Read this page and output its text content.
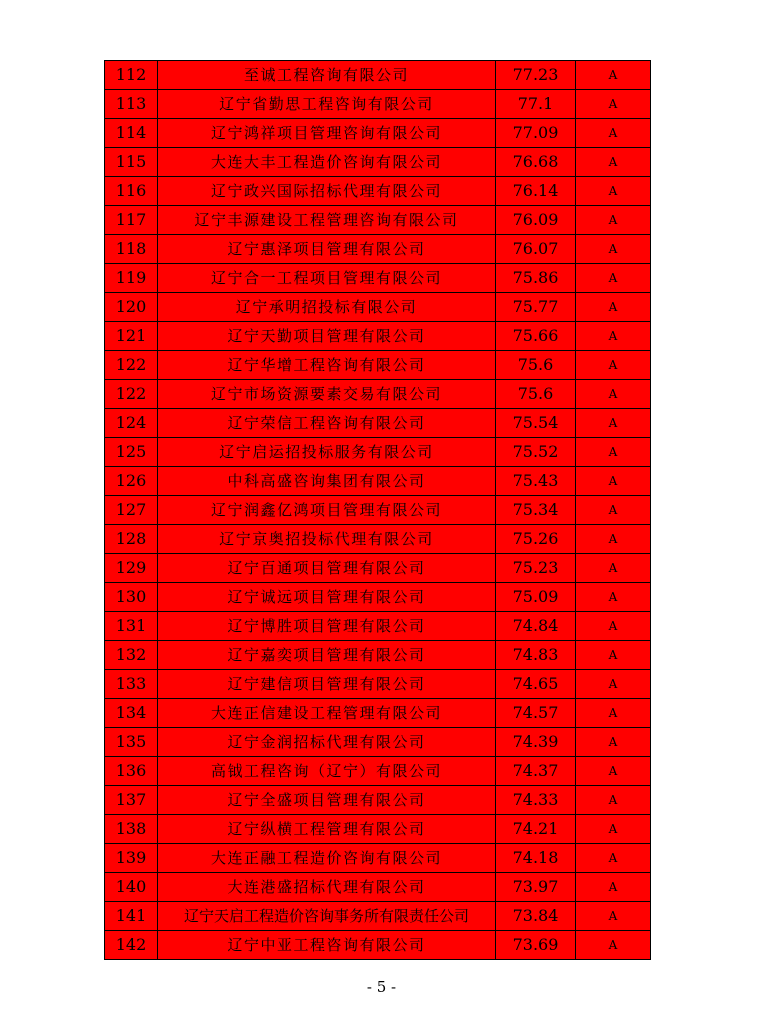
112	至诚工程咨询有限公司	77.23	A
113	辽宁省勤思工程咨询有限公司	77.1	A
114	辽宁鸿祥项目管理咨询有限公司	77.09	A
115	大连大丰工程造价咨询有限公司	76.68	A
116	辽宁政兴国际招标代理有限公司	76.14	A
117	辽宁丰源建设工程管理咨询有限公司	76.09	A
118	辽宁惠泽项目管理有限公司	76.07	A
119	辽宁合一工程项目管理有限公司	75.86	A
120	辽宁承明招投标有限公司	75.77	A
121	辽宁天勤项目管理有限公司	75.66	A
122	辽宁华增工程咨询有限公司	75.6	A
122	辽宁市场资源要素交易有限公司	75.6	A
124	辽宁荣信工程咨询有限公司	75.54	A
125	辽宁启运招投标服务有限公司	75.52	A
126	中科高盛咨询集团有限公司	75.43	A
127	辽宁润鑫亿鸿项目管理有限公司	75.34	A
128	辽宁京奥招投标代理有限公司	75.26	A
129	辽宁百通项目管理有限公司	75.23	A
130	辽宁诚远项目管理有限公司	75.09	A
131	辽宁博胜项目管理有限公司	74.84	A
132	辽宁嘉奕项目管理有限公司	74.83	A
133	辽宁建信项目管理有限公司	74.65	A
134	大连正信建设工程管理有限公司	74.57	A
135	辽宁金润招标代理有限公司	74.39	A
136	高钺工程咨询（辽宁）有限公司	74.37	A
137	辽宁全盛项目管理有限公司	74.33	A
138	辽宁纵横工程管理有限公司	74.21	A
139	大连正融工程造价咨询有限公司	74.18	A
140	大连港盛招标代理有限公司	73.97	A
141	辽宁天启工程造价咨询事务所有限责任公司	73.84	A
142	辽宁中亚工程咨询有限公司	73.69	A
- 5 -
